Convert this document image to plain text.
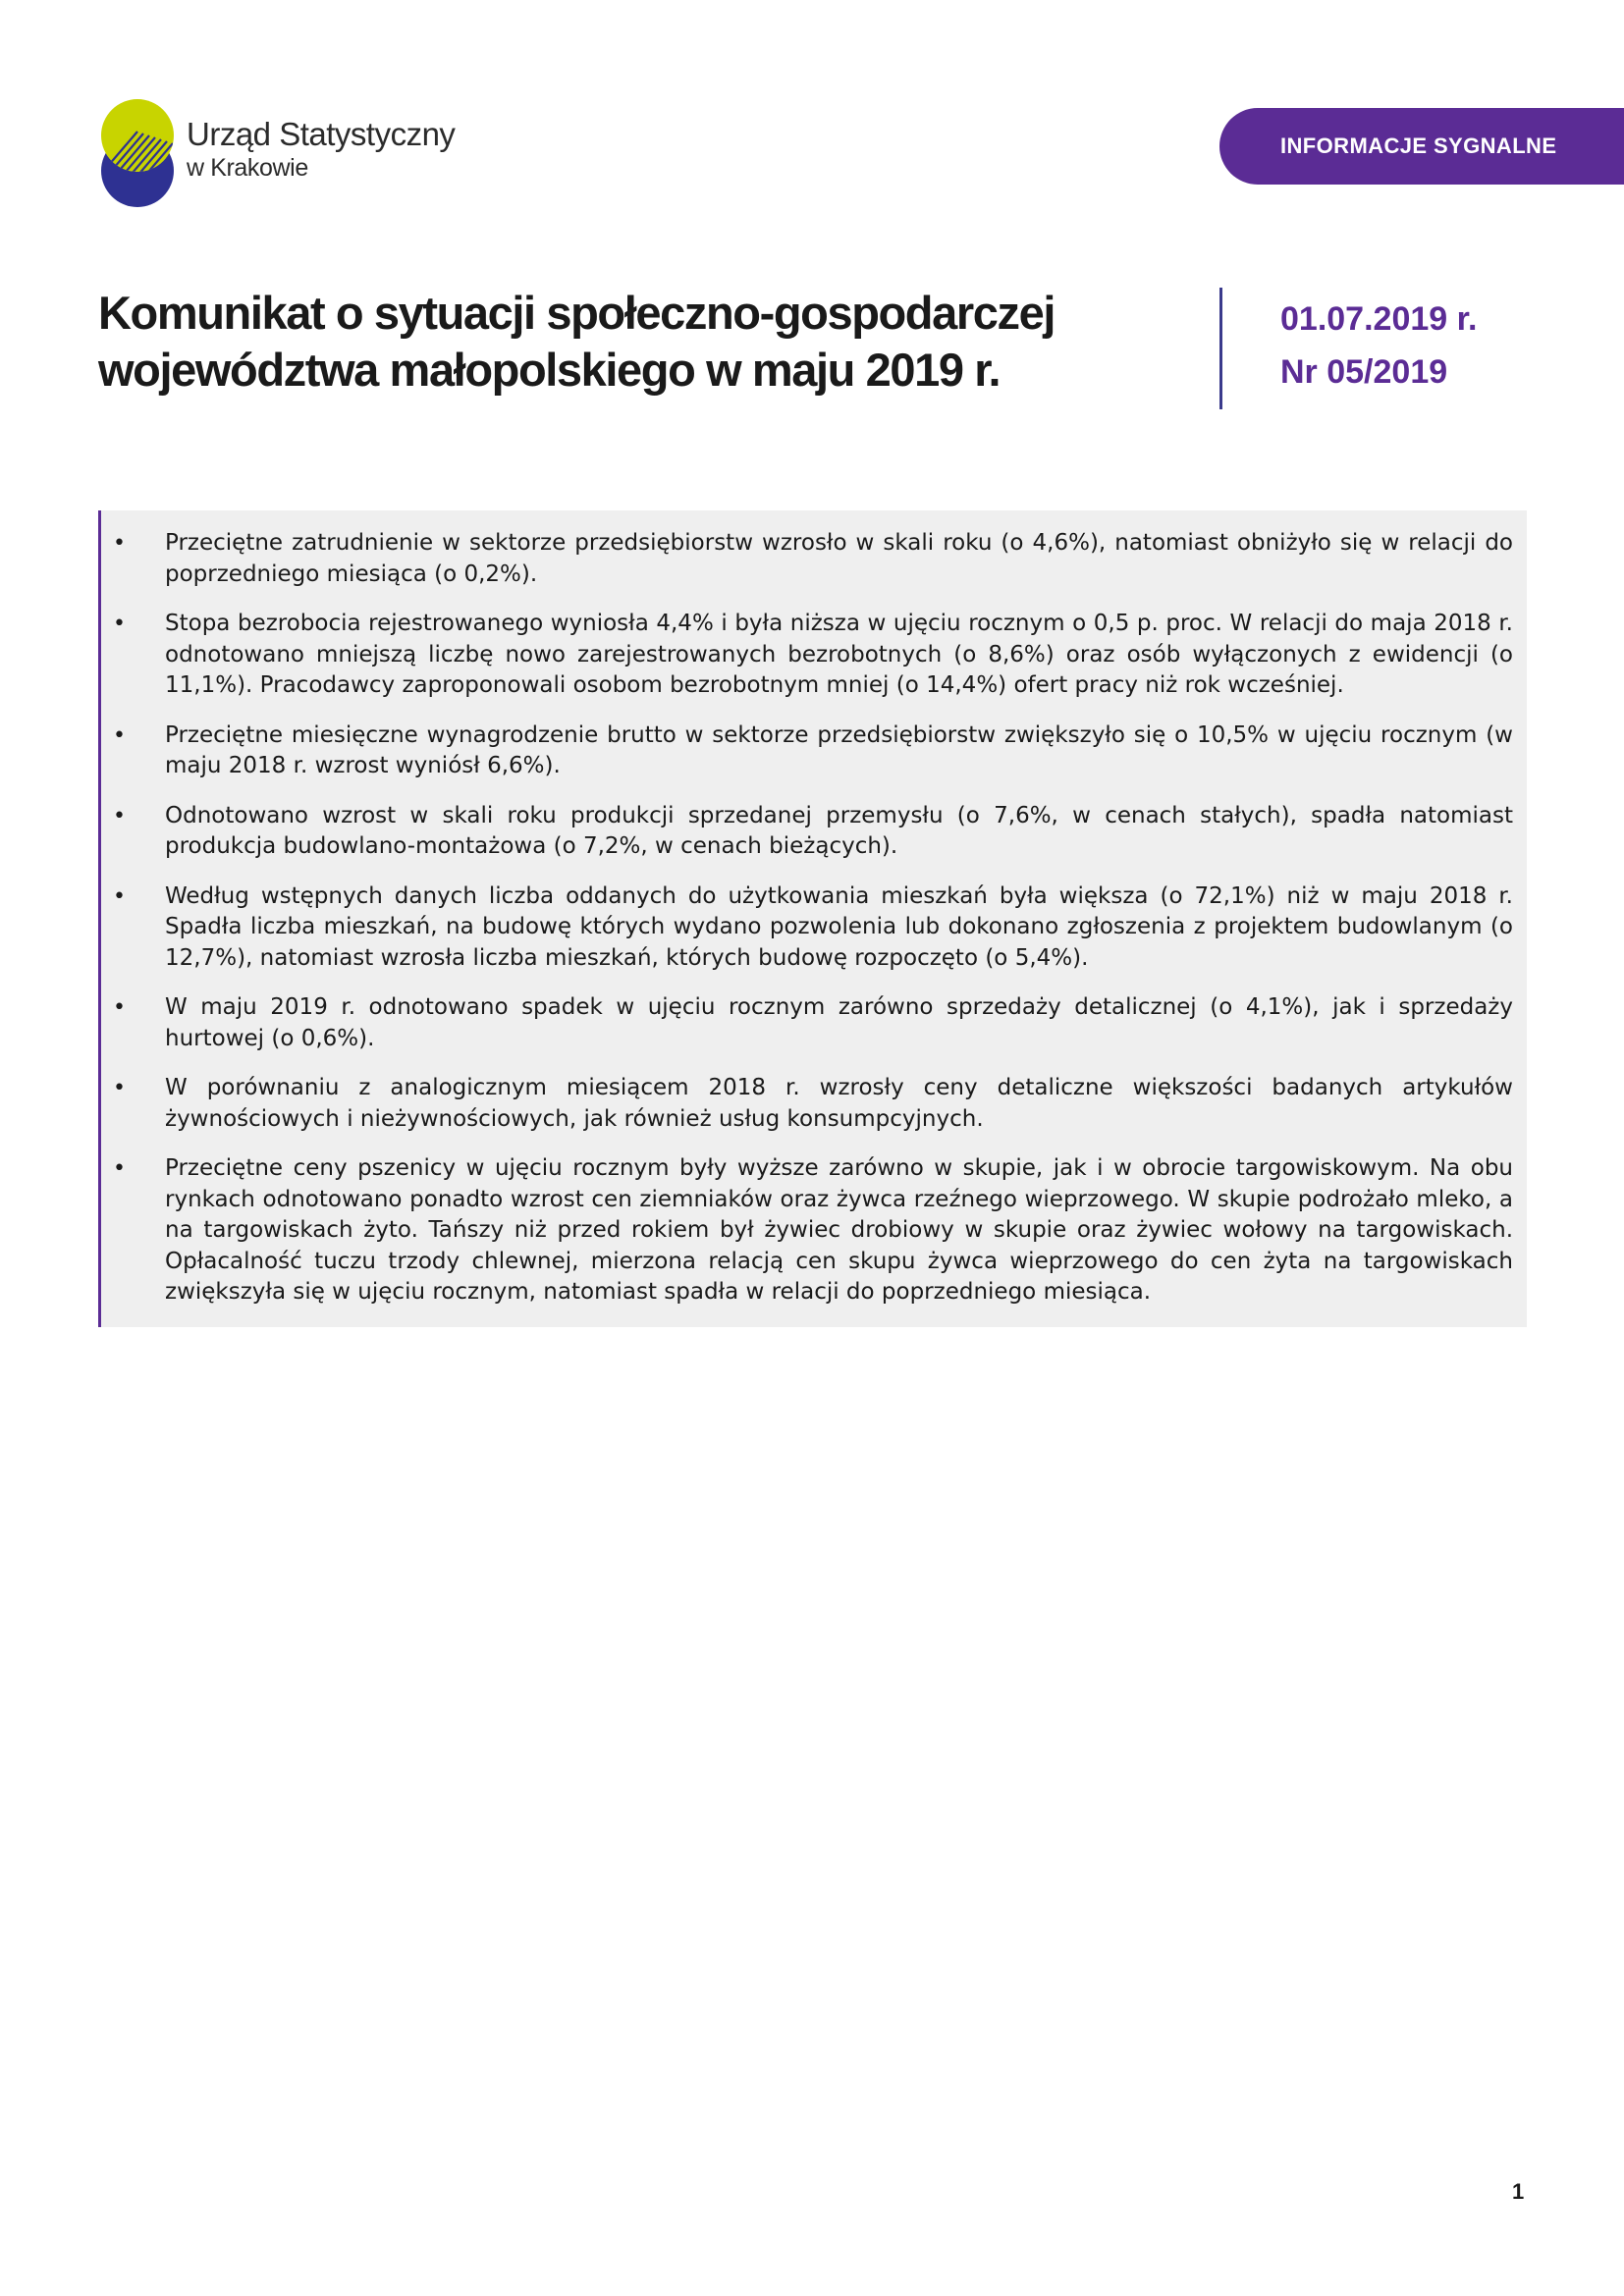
Urząd Statystyczny
w Krakowie
INFORMACJE SYGNALNE
Komunikat o sytuacji społeczno-gospodarczej
województwa małopolskiego w maju 2019 r.
01.07.2019 r.
Nr 05/2019
• Przeciętne zatrudnienie w sektorze przedsiębiorstw wzrosło w skali roku (o 4,6%), natomiast obniżyło się w relacji do poprzedniego miesiąca (o 0,2%).
• Stopa bezrobocia rejestrowanego wyniosła 4,4% i była niższa w ujęciu rocznym o 0,5 p. proc. W relacji do maja 2018 r. odnotowano mniejszą liczbę nowo zarejestrowanych bezrobotnych (o 8,6%) oraz osób wyłączonych z ewidencji (o 11,1%). Pracodawcy zaproponowali osobom bezrobotnym mniej (o 14,4%) ofert pracy niż rok wcześniej.
• Przeciętne miesięczne wynagrodzenie brutto w sektorze przedsiębiorstw zwiększyło się o 10,5% w ujęciu rocznym (w maju 2018 r. wzrost wyniósł 6,6%).
• Odnotowano wzrost w skali roku produkcji sprzedanej przemysłu (o 7,6%, w cenach stałych), spadła natomiast produkcja budowlano-montażowa (o 7,2%, w cenach bieżących).
• Według wstępnych danych liczba oddanych do użytkowania mieszkań była większa (o 72,1%) niż w maju 2018 r. Spadła liczba mieszkań, na budowę których wydano pozwolenia lub dokonano zgłoszenia z projektem budowlanym (o 12,7%), natomiast wzrosła liczba mieszkań, których budowę rozpoczęto (o 5,4%).
• W maju 2019 r. odnotowano spadek w ujęciu rocznym zarówno sprzedaży detalicznej (o 4,1%), jak i sprzedaży hurtowej (o 0,6%).
• W porównaniu z analogicznym miesiącem 2018 r. wzrosły ceny detaliczne większości badanych artykułów żywnościowych i nieżywnościowych, jak również usług konsumpcyjnych.
• Przeciętne ceny pszenicy w ujęciu rocznym były wyższe zarówno w skupie, jak i w obrocie targowiskowym. Na obu rynkach odnotowano ponadto wzrost cen ziemniaków oraz żywca rzeźnego wieprzowego. W skupie podrożało mleko, a na targowiskach żyto. Tańszy niż przed rokiem był żywiec drobiowy w skupie oraz żywiec wołowy na targowiskach. Opłacalność tuczu trzody chlewnej, mierzona relacją cen skupu żywca wieprzowego do cen żyta na targowiskach zwiększyła się w ujęciu rocznym, natomiast spadła w relacji do poprzedniego miesiąca.
1
